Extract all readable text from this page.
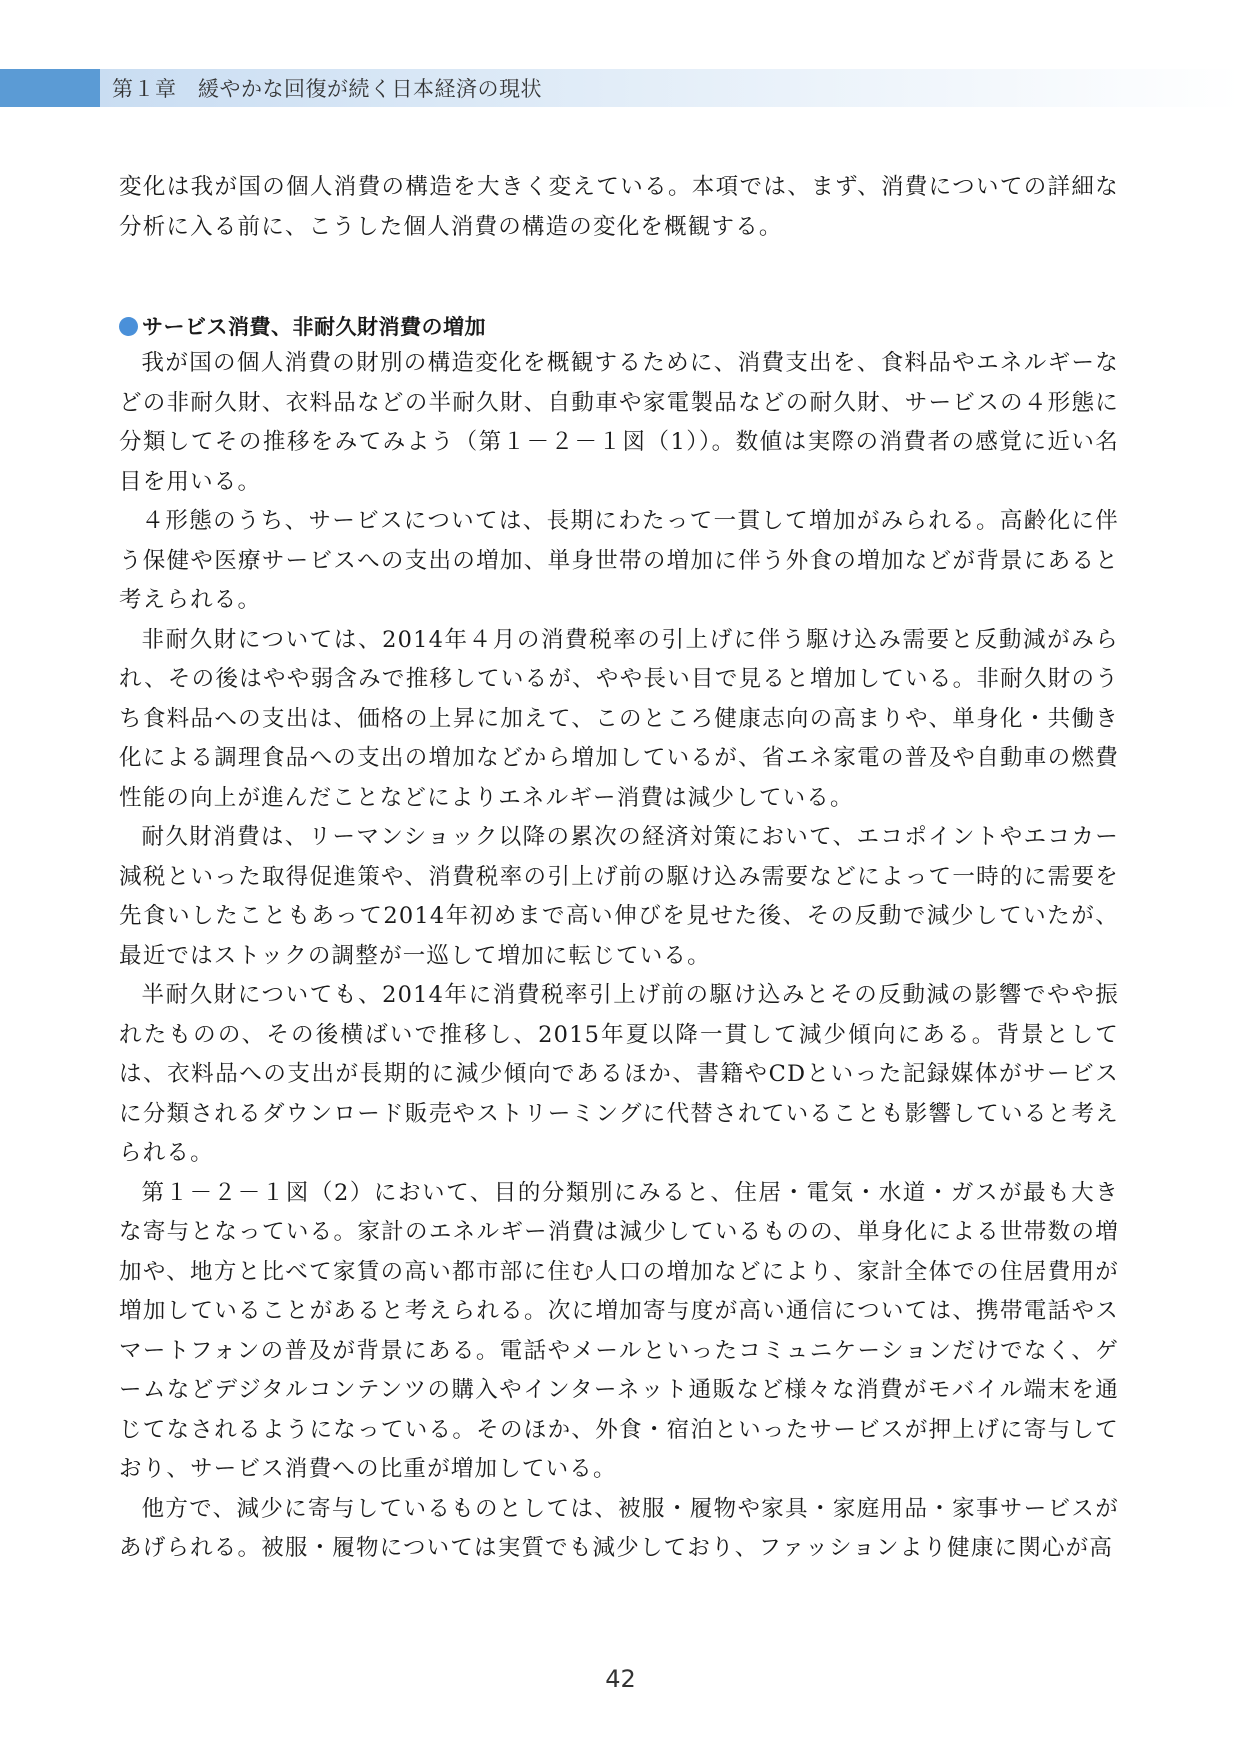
第１章　緩やかな回復が続く日本経済の現状

変化は我が国の個人消費の構造を大きく変えている。本項では、まず、消費についての詳細な分析に入る前に、こうした個人消費の構造の変化を概観する。

サービス消費、非耐久財消費の増加

我が国の個人消費の財別の構造変化を概観するために、消費支出を、食料品やエネルギーなどの非耐久財、衣料品などの半耐久財、自動車や家電製品などの耐久財、サービスの４形態に分類してその推移をみてみよう（第１－２－１図（1））。数値は実際の消費者の感覚に近い名目を用いる。

４形態のうち、サービスについては、長期にわたって一貫して増加がみられる。高齢化に伴う保健や医療サービスへの支出の増加、単身世帯の増加に伴う外食の増加などが背景にあると考えられる。

非耐久財については、2014年４月の消費税率の引上げに伴う駆け込み需要と反動減がみられ、その後はやや弱含みで推移しているが、やや長い目で見ると増加している。非耐久財のうち食料品への支出は、価格の上昇に加えて、このところ健康志向の高まりや、単身化・共働き化による調理食品への支出の増加などから増加しているが、省エネ家電の普及や自動車の燃費性能の向上が進んだことなどによりエネルギー消費は減少している。

耐久財消費は、リーマンショック以降の累次の経済対策において、エコポイントやエコカー減税といった取得促進策や、消費税率の引上げ前の駆け込み需要などによって一時的に需要を先食いしたこともあって2014年初めまで高い伸びを見せた後、その反動で減少していたが、最近ではストックの調整が一巡して増加に転じている。

半耐久財についても、2014年に消費税率引上げ前の駆け込みとその反動減の影響でやや振れたものの、その後横ばいで推移し、2015年夏以降一貫して減少傾向にある。背景としては、衣料品への支出が長期的に減少傾向であるほか、書籍やCDといった記録媒体がサービスに分類されるダウンロード販売やストリーミングに代替されていることも影響していると考えられる。

第１－２－１図（2）において、目的分類別にみると、住居・電気・水道・ガスが最も大きな寄与となっている。家計のエネルギー消費は減少しているものの、単身化による世帯数の増加や、地方と比べて家賃の高い都市部に住む人口の増加などにより、家計全体での住居費用が増加していることがあると考えられる。次に増加寄与度が高い通信については、携帯電話やスマートフォンの普及が背景にある。電話やメールといったコミュニケーションだけでなく、ゲームなどデジタルコンテンツの購入やインターネット通販など様々な消費がモバイル端末を通じてなされるようになっている。そのほか、外食・宿泊といったサービスが押上げに寄与しており、サービス消費への比重が増加している。

他方で、減少に寄与しているものとしては、被服・履物や家具・家庭用品・家事サービスがあげられる。被服・履物については実質でも減少しており、ファッションより健康に関心が高

42
